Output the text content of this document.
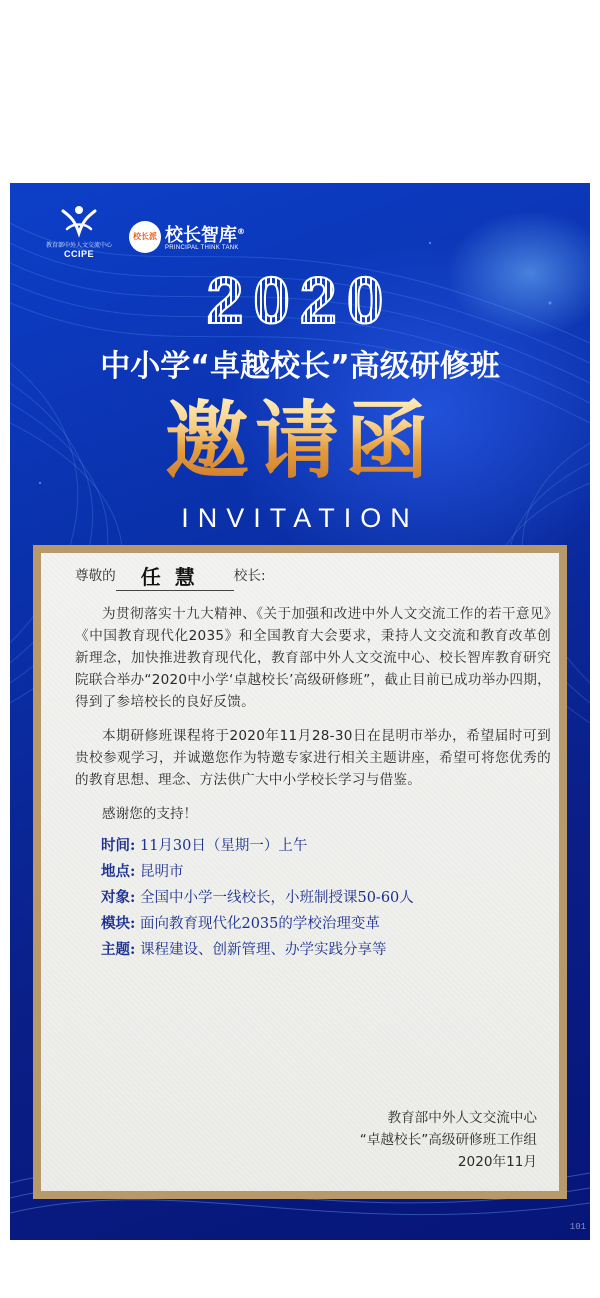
教育部中外人文交流中心
CCIPE
校长派 校长智库®
PRINCIPAL THINK TANK
2020
中小学“卓越校长”高级研修班
邀请函
INVITATION
尊敬的 任慧 校长:

为贯彻落实十九大精神、《关于加强和改进中外人文交流工作的若干意见》《中国教育现代化2035》和全国教育大会要求，秉持人文交流和教育改革创新理念，加快推进教育现代化，教育部中外人文交流中心、校长智库教育研究院联合举办“2020中小学‘卓越校长’高级研修班”，截止目前已成功举办四期，得到了参培校长的良好反馈。

本期研修班课程将于2020年11月28-30日在昆明市举办，希望届时可到贵校参观学习，并诚邀您作为特邀专家进行相关主题讲座，希望可将您优秀的的教育思想、理念、方法供广大中小学校长学习与借鉴。

感谢您的支持！

时间: 11月30日（星期一）上午
地点: 昆明市
对象: 全国中小学一线校长，小班制授课50-60人
模块: 面向教育现代化2035的学校治理变革
主题: 课程建设、创新管理、办学实践分享等
教育部中外人文交流中心
“卓越校长”高级研修班工作组
2020年11月
101
